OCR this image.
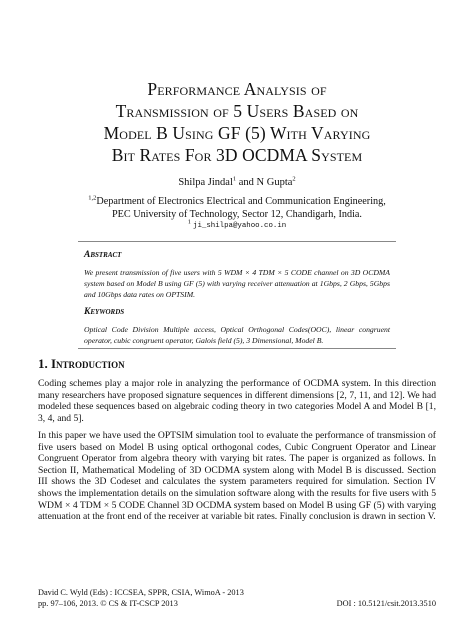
Performance Analysis of
Transmission of 5 Users Based on
Model B Using GF (5) With Varying
Bit Rates For 3D OCDMA System
Shilpa Jindal$^1$ and N Gupta$^2$
$^{1,2}$Department of Electronics Electrical and Communication Engineering,
PEC University of Technology, Sector 12, Chandigarh, India.
$^1$ ji_shilpa@yahoo.co.in
Abstract
We present transmission of five users with 5 WDM × 4 TDM × 5 CODE channel on 3D OCDMA system based on Model B using GF (5) with varying receiver attenuation at 1Gbps, 2 Gbps, 5Gbps and 10Gbps data rates on OPTSIM.
Keywords
Optical Code Division Multiple access, Optical Orthogonal Codes(OOC), linear congruent operator, cubic congruent operator, Galois field (5), 3 Dimensional, Model B.
1. Introduction
Coding schemes play a major role in analyzing the performance of OCDMA system. In this direction many researchers have proposed signature sequences in different dimensions [2, 7, 11, and 12]. We had modeled these sequences based on algebraic coding theory in two categories Model A and Model B [1, 3, 4, and 5].
In this paper we have used the OPTSIM simulation tool to evaluate the performance of transmission of five users based on Model B using optical orthogonal codes, Cubic Congruent Operator and Linear Congruent Operator from algebra theory with varying bit rates. The paper is organized as follows. In Section II, Mathematical Modeling of 3D OCDMA system along with Model B is discussed. Section III shows the 3D Codeset and calculates the system parameters required for simulation. Section IV shows the implementation details on the simulation software along with the results for five users with 5 WDM × 4 TDM × 5 CODE Channel 3D OCDMA system based on Model B using GF (5) with varying attenuation at the front end of the receiver at variable bit rates. Finally conclusion is drawn in section V.
David C. Wyld (Eds) : ICCSEA, SPPR, CSIA, WimoA - 2013
pp. 97–106, 2013. © CS & IT-CSCP 2013	DOI : 10.5121/csit.2013.3510
